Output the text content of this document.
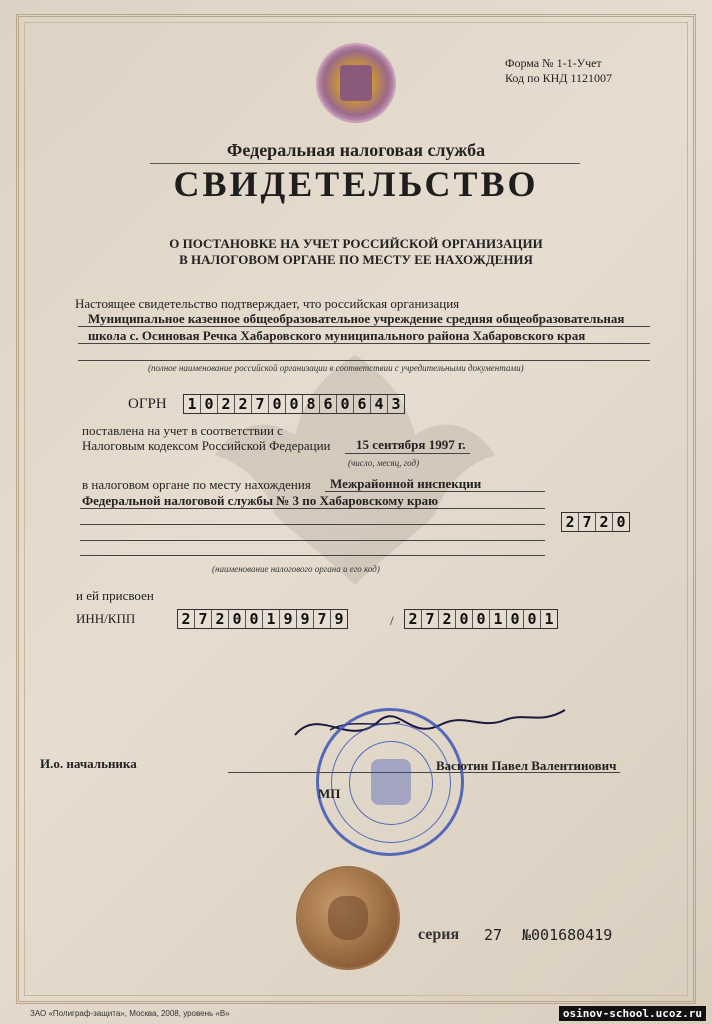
Форма № 1-1-Учет
Код по КНД 1121007
Федеральная налоговая служба
СВИДЕТЕЛЬСТВО
О ПОСТАНОВКЕ НА УЧЕТ РОССИЙСКОЙ ОРГАНИЗАЦИИ
В НАЛОГОВОМ ОРГАНЕ ПО МЕСТУ ЕЕ НАХОЖДЕНИЯ
Настоящее свидетельство подтверждает, что российская организация
Муниципальное казенное общеобразовательное учреждение средняя общеобразовательная
школа с. Осиновая Речка Хабаровского муниципального района Хабаровского края
(полное наименование российской организации в соответствии с учредительными документами)
ОГРН 1 0 2 2 7 0 0 8 6 0 6 4 3
поставлена на учет в соответствии с
Налоговым кодексом Российской Федерации 15 сентября 1997 г.
(число, месяц, год)
в налоговом органе по месту нахождения Межрайонной инспекции
Федеральной налоговой службы № 3 по Хабаровскому краю
2 7 2 0
(наименование налогового органа и его код)
и ей присвоен
ИНН/КПП	2 7 2 0 0 1 9 9 7 9	/ 2 7 2 0 0 1 0 0 1
И.о. начальника	Васютин Павел Валентинович
МП
серия 27 №001680419
ЗАО «Полиграф-защита», Москва, 2008, уровень «В»	osinov-school.ucoz.ru
